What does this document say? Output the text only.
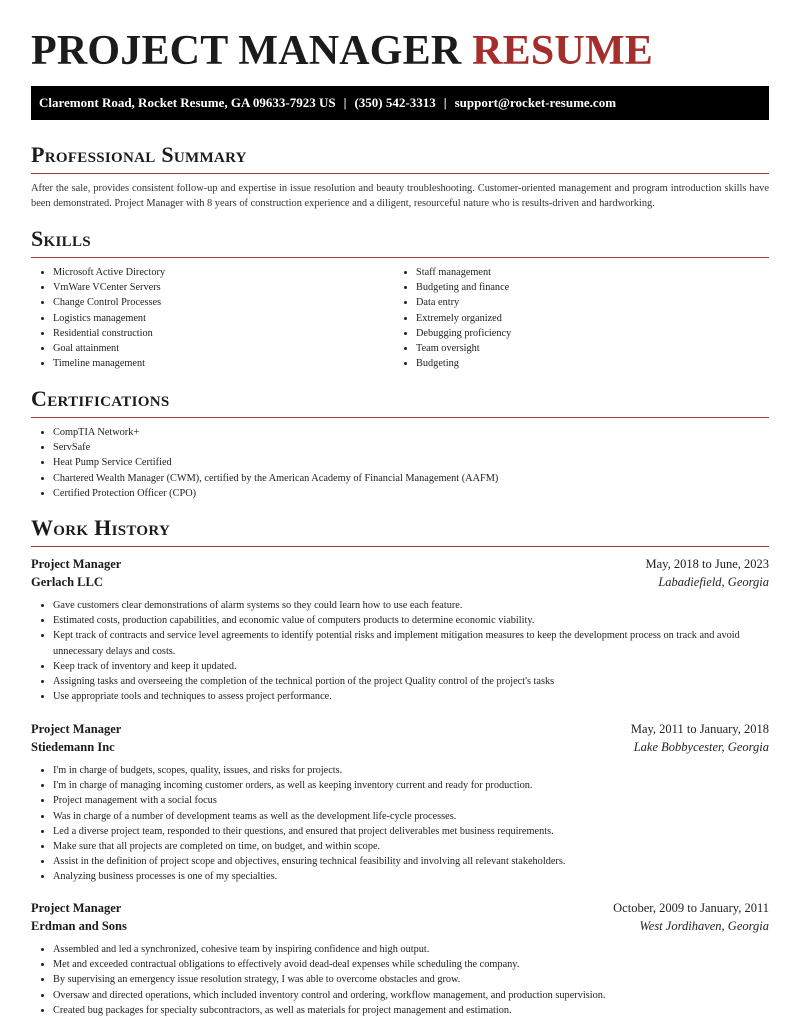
PROJECT MANAGER RESUME
Claremont Road, Rocket Resume, GA 09633-7923 US | (350) 542-3313 | support@rocket-resume.com
Professional Summary

After the sale, provides consistent follow-up and expertise in issue resolution and beauty troubleshooting. Customer-oriented management and program introduction skills have been demonstrated. Project Manager with 8 years of construction experience and a diligent, resourceful nature who is results-driven and hardworking.

Skills
• Microsoft Active Directory
• VmWare VCenter Servers
• Change Control Processes
• Logistics management
• Residential construction
• Goal attainment
• Timeline management
• Staff management
• Budgeting and finance
• Data entry
• Extremely organized
• Debugging proficiency
• Team oversight
• Budgeting
Certifications
• CompTIA Network+
• ServSafe
• Heat Pump Service Certified
• Chartered Wealth Manager (CWM), certified by the American Academy of Financial Management (AAFM)
• Certified Protection Officer (CPO)
Work History
Project Manager	May, 2018 to June, 2023
Gerlach LLC	Labadiefield, Georgia
• Gave customers clear demonstrations of alarm systems so they could learn how to use each feature.
• Estimated costs, production capabilities, and economic value of computers products to determine economic viability.
• Kept track of contracts and service level agreements to identify potential risks and implement mitigation measures to keep the development process on track and avoid unnecessary delays and costs.
• Keep track of inventory and keep it updated.
• Assigning tasks and overseeing the completion of the technical portion of the project Quality control of the project's tasks
• Use appropriate tools and techniques to assess project performance.
Project Manager	May, 2011 to January, 2018
Stiedemann Inc	Lake Bobbycester, Georgia
• I'm in charge of budgets, scopes, quality, issues, and risks for projects.
• I'm in charge of managing incoming customer orders, as well as keeping inventory current and ready for production.
• Project management with a social focus
• Was in charge of a number of development teams as well as the development life-cycle processes.
• Led a diverse project team, responded to their questions, and ensured that project deliverables met business requirements.
• Make sure that all projects are completed on time, on budget, and within scope.
• Assist in the definition of project scope and objectives, ensuring technical feasibility and involving all relevant stakeholders.
• Analyzing business processes is one of my specialties.
Project Manager	October, 2009 to January, 2011
Erdman and Sons	West Jordihaven, Georgia
• Assembled and led a synchronized, cohesive team by inspiring confidence and high output.
• Met and exceeded contractual obligations to effectively avoid dead-deal expenses while scheduling the company.
• By supervising an emergency issue resolution strategy, I was able to overcome obstacles and grow.
• Oversaw and directed operations, which included inventory control and ordering, workflow management, and production supervision.
• Created bug packages for specialty subcontractors, as well as materials for project management and estimation.
